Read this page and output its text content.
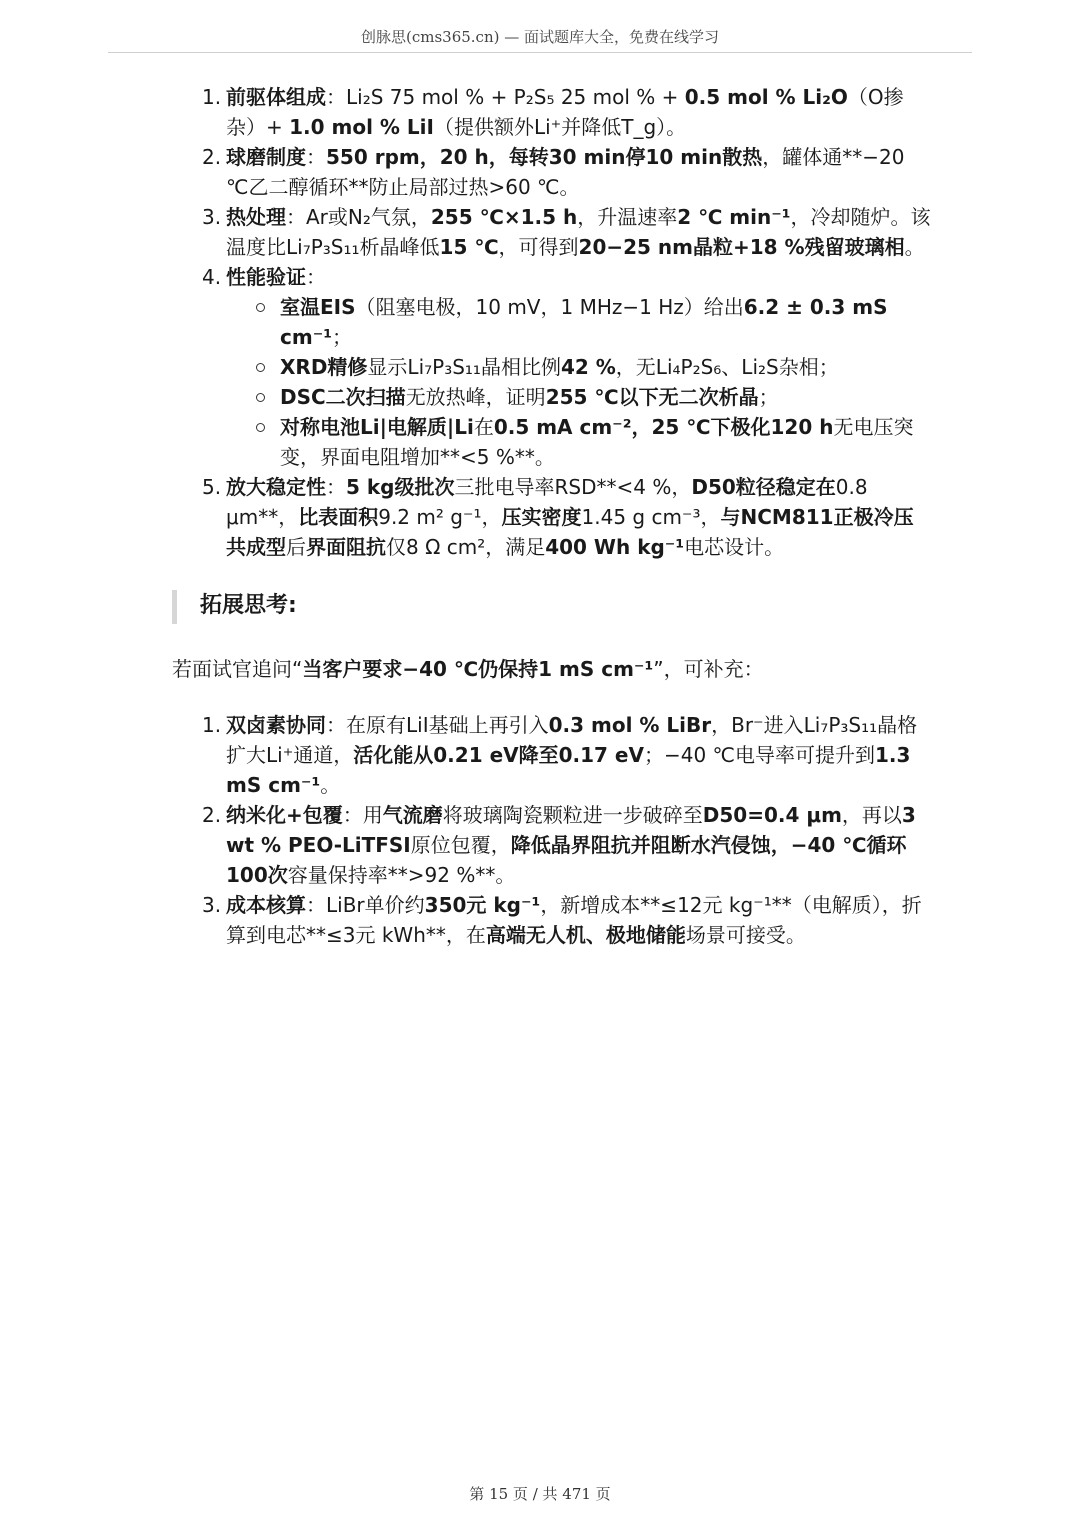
创脉思(cms365.cn) — 面试题库大全，免费在线学习
1. 前驱体组成：Li₂S 75 mol % + P₂S₅ 25 mol % + 0.5 mol % Li₂O（O掺杂）+ 1.0 mol % LiI（提供额外Li⁺并降低T_g）。
2. 球磨制度：550 rpm，20 h，每转30 min停10 min散热，罐体通**−20 ℃乙二醇循环**防止局部过热>60 ℃。
3. 热处理：Ar或N₂气氛，255 ℃×1.5 h，升温速率2 ℃ min⁻¹，冷却随炉。该温度比Li₇P₃S₁₁析晶峰低15 ℃，可得到20−25 nm晶粒+18 %残留玻璃相。
4. 性能验证：
室温EIS（阻塞电极，10 mV，1 MHz−1 Hz）给出6.2 ± 0.3 mS cm⁻¹；
XRD精修显示Li₇P₃S₁₁晶相比例42 %，无Li₄P₂S₆、Li₂S杂相；
DSC二次扫描无放热峰，证明255 ℃以下无二次析晶；
对称电池Li|电解质|Li在0.5 mA cm⁻²，25 ℃下极化120 h无电压突变，界面电阻增加**<5 %**。
5. 放大稳定性：5 kg级批次三批电导率RSD**<4 %，D50粒径稳定在0.8 μm**，比表面积9.2 m² g⁻¹，压实密度1.45 g cm⁻³，与NCM811正极冷压共成型后界面阻抗仅8 Ω cm²，满足400 Wh kg⁻¹电芯设计。
拓展思考:
若面试官追问“当客户要求−40 ℃仍保持1 mS cm⁻¹”，可补充：
1. 双卤素协同：在原有LiI基础上再引入0.3 mol % LiBr，Br⁻进入Li₇P₃S₁₁晶格扩大Li⁺通道，活化能从0.21 eV降至0.17 eV；−40 ℃电导率可提升到1.3 mS cm⁻¹。
2. 纳米化+包覆：用气流磨将玻璃陶瓷颗粒进一步破碎至D50=0.4 μm，再以3 wt % PEO-LiTFSI原位包覆，降低晶界阻抗并阻断水汽侵蚀，−40 ℃循环100次容量保持率**>92 %**。
3. 成本核算：LiBr单价约350元 kg⁻¹，新增成本**≤12元 kg⁻¹**（电解质），折算到电芯**≤3元 kWh**，在高端无人机、极地储能场景可接受。
第 15 页 / 共 471 页
